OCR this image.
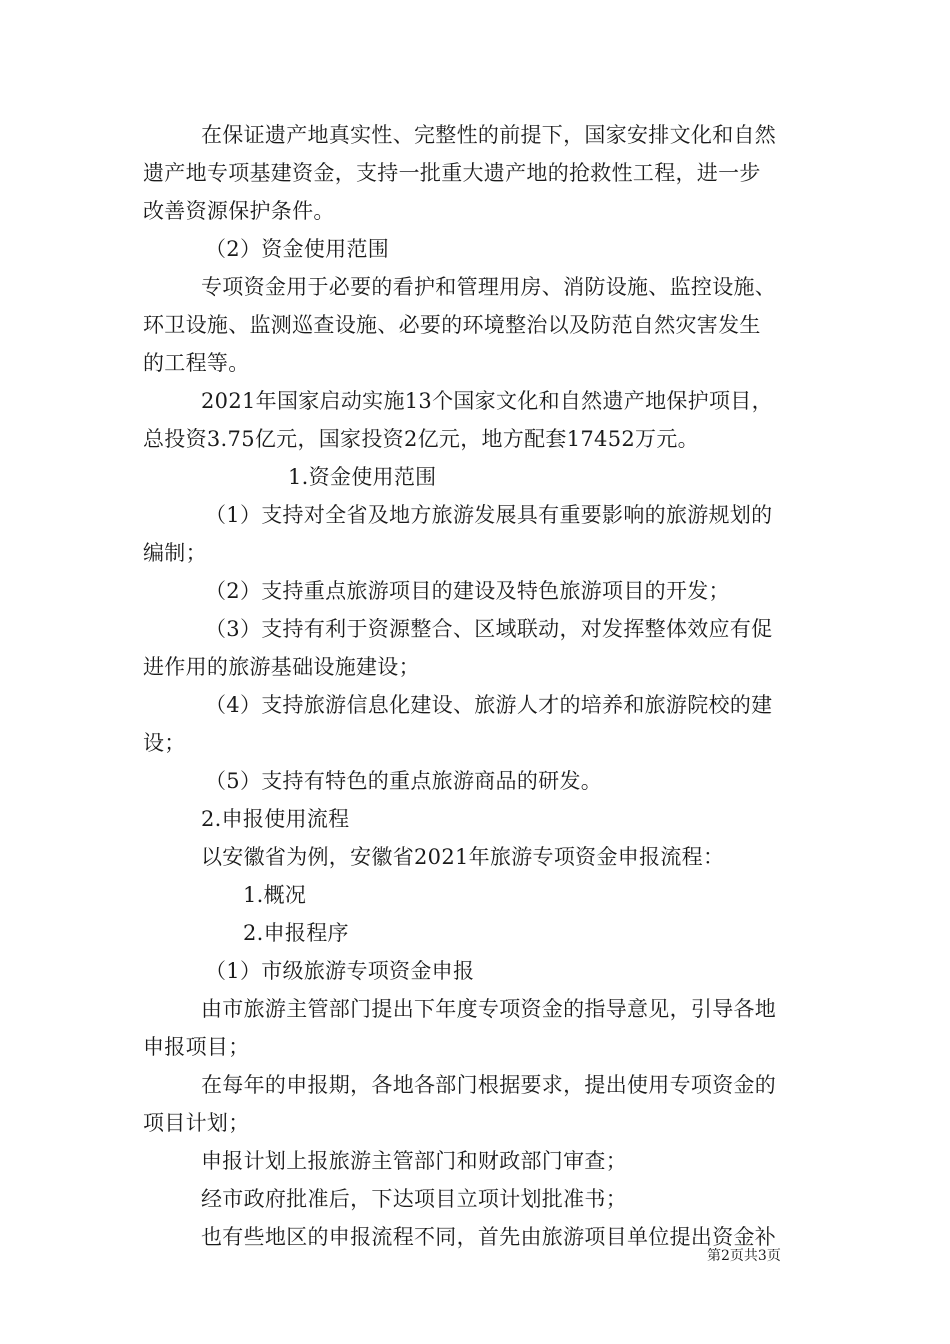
在保证遗产地真实性、完整性的前提下，国家安排文化和自然
遗产地专项基建资金，支持一批重大遗产地的抢救性工程，进一步
改善资源保护条件。
（2）资金使用范围
专项资金用于必要的看护和管理用房、消防设施、监控设施、
环卫设施、监测巡查设施、必要的环境整治以及防范自然灾害发生
的工程等。
2021年国家启动实施13个国家文化和自然遗产地保护项目，
总投资3.75亿元，国家投资2亿元，地方配套17452万元。
1.资金使用范围
（1）支持对全省及地方旅游发展具有重要影响的旅游规划的
编制；
（2）支持重点旅游项目的建设及特色旅游项目的开发；
（3）支持有利于资源整合、区域联动，对发挥整体效应有促
进作用的旅游基础设施建设；
（4）支持旅游信息化建设、旅游人才的培养和旅游院校的建
设；
（5）支持有特色的重点旅游商品的研发。
2.申报使用流程
以安徽省为例，安徽省2021年旅游专项资金申报流程：
1.概况
2.申报程序
（1）市级旅游专项资金申报
由市旅游主管部门提出下年度专项资金的指导意见，引导各地
申报项目；
在每年的申报期，各地各部门根据要求，提出使用专项资金的
项目计划；
申报计划上报旅游主管部门和财政部门审查；
经市政府批准后，下达项目立项计划批准书；
也有些地区的申报流程不同，首先由旅游项目单位提出资金补
第2页共3页
